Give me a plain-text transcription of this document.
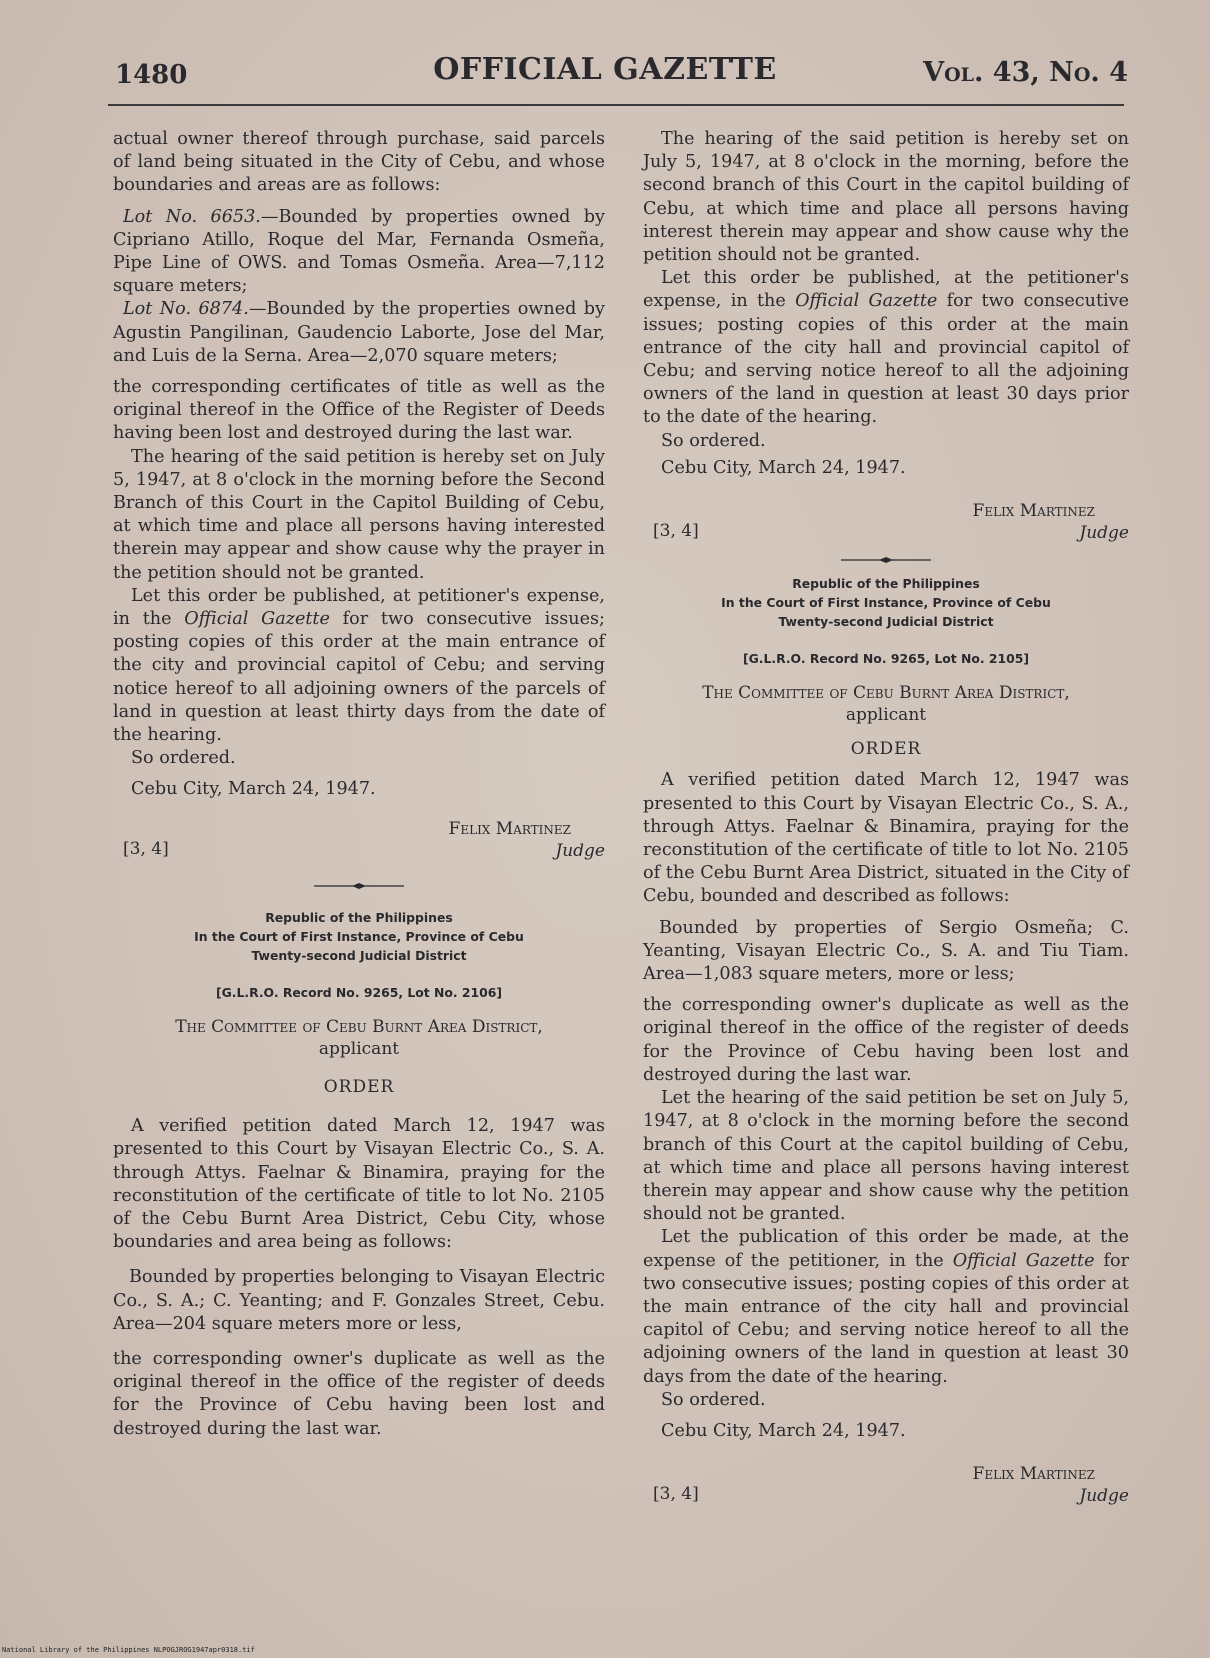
1480	OFFICIAL GAZETTE	Vol. 43, No. 4

actual owner thereof through purchase, said parcels of land being situated in the City of Cebu, and whose boundaries and areas are as follows:

Lot No. 6653.—Bounded by properties owned by Cipriano Atillo, Roque del Mar, Fernanda Osmeña, Pipe Line of OWS. and Tomas Osmeña. Area—7,112 square meters;

Lot No. 6874.—Bounded by the properties owned by Agustin Pangilinan, Gaudencio Laborte, Jose del Mar, and Luis de la Serna. Area—2,070 square meters;

the corresponding certificates of title as well as the original thereof in the Office of the Register of Deeds having been lost and destroyed during the last war.

The hearing of the said petition is hereby set on July 5, 1947, at 8 o'clock in the morning before the Second Branch of this Court in the Capitol Building of Cebu, at which time and place all persons having interested therein may appear and show cause why the prayer in the petition should not be granted.

Let this order be published, at petitioner's expense, in the Official Gazette for two consecutive issues; posting copies of this order at the main entrance of the city and provincial capitol of Cebu; and serving notice hereof to all adjoining owners of the parcels of land in question at least thirty days from the date of the hearing.

So ordered.

Cebu City, March 24, 1947.

Felix Martinez
Judge
[3, 4]
Republic of the Philippines
In the Court of First Instance, Province of Cebu
Twenty-second Judicial District
[G.L.R.O. Record No. 9265, Lot No. 2106]
The Committee of Cebu Burnt Area District,
applicant
ORDER

A verified petition dated March 12, 1947 was presented to this Court by Visayan Electric Co., S. A. through Attys. Faelnar & Binamira, praying for the reconstitution of the certificate of title to lot No. 2105 of the Cebu Burnt Area District, Cebu City, whose boundaries and area being as follows:

Bounded by properties belonging to Visayan Electric Co., S. A.; C. Yeanting; and F. Gonzales Street, Cebu. Area—204 square meters more or less,

the corresponding owner's duplicate as well as the original thereof in the office of the register of deeds for the Province of Cebu having been lost and destroyed during the last war.

The hearing of the said petition is hereby set on July 5, 1947, at 8 o'clock in the morning, before the second branch of this Court in the capitol building of Cebu, at which time and place all persons having interest therein may appear and show cause why the petition should not be granted.

Let this order be published, at the petitioner's expense, in the Official Gazette for two consecutive issues; posting copies of this order at the main entrance of the city hall and provincial capitol of Cebu; and serving notice hereof to all the adjoining owners of the land in question at least 30 days prior to the date of the hearing.

So ordered.

Cebu City, March 24, 1947.

Felix Martinez
Judge
[3, 4]
Republic of the Philippines
In the Court of First Instance, Province of Cebu
Twenty-second Judicial District
[G.L.R.O. Record No. 9265, Lot No. 2105]
The Committee of Cebu Burnt Area District,
applicant
ORDER

A verified petition dated March 12, 1947 was presented to this Court by Visayan Electric Co., S. A., through Attys. Faelnar & Binamira, praying for the reconstitution of the certificate of title to lot No. 2105 of the Cebu Burnt Area District, situated in the City of Cebu, bounded and described as follows:

Bounded by properties of Sergio Osmeña; C. Yeanting, Visayan Electric Co., S. A. and Tiu Tiam. Area—1,083 square meters, more or less;

the corresponding owner's duplicate as well as the original thereof in the office of the register of deeds for the Province of Cebu having been lost and destroyed during the last war.

Let the hearing of the said petition be set on July 5, 1947, at 8 o'clock in the morning before the second branch of this Court at the capitol building of Cebu, at which time and place all persons having interest therein may appear and show cause why the petition should not be granted.

Let the publication of this order be made, at the expense of the petitioner, in the Official Gazette for two consecutive issues; posting copies of this order at the main entrance of the city hall and provincial capitol of Cebu; and serving notice hereof to all the adjoining owners of the land in question at least 30 days from the date of the hearing.

So ordered.

Cebu City, March 24, 1947.

Felix Martinez
Judge
[3, 4]
National Library of the Philippines NLPOGJROG1947apr0318.tif
